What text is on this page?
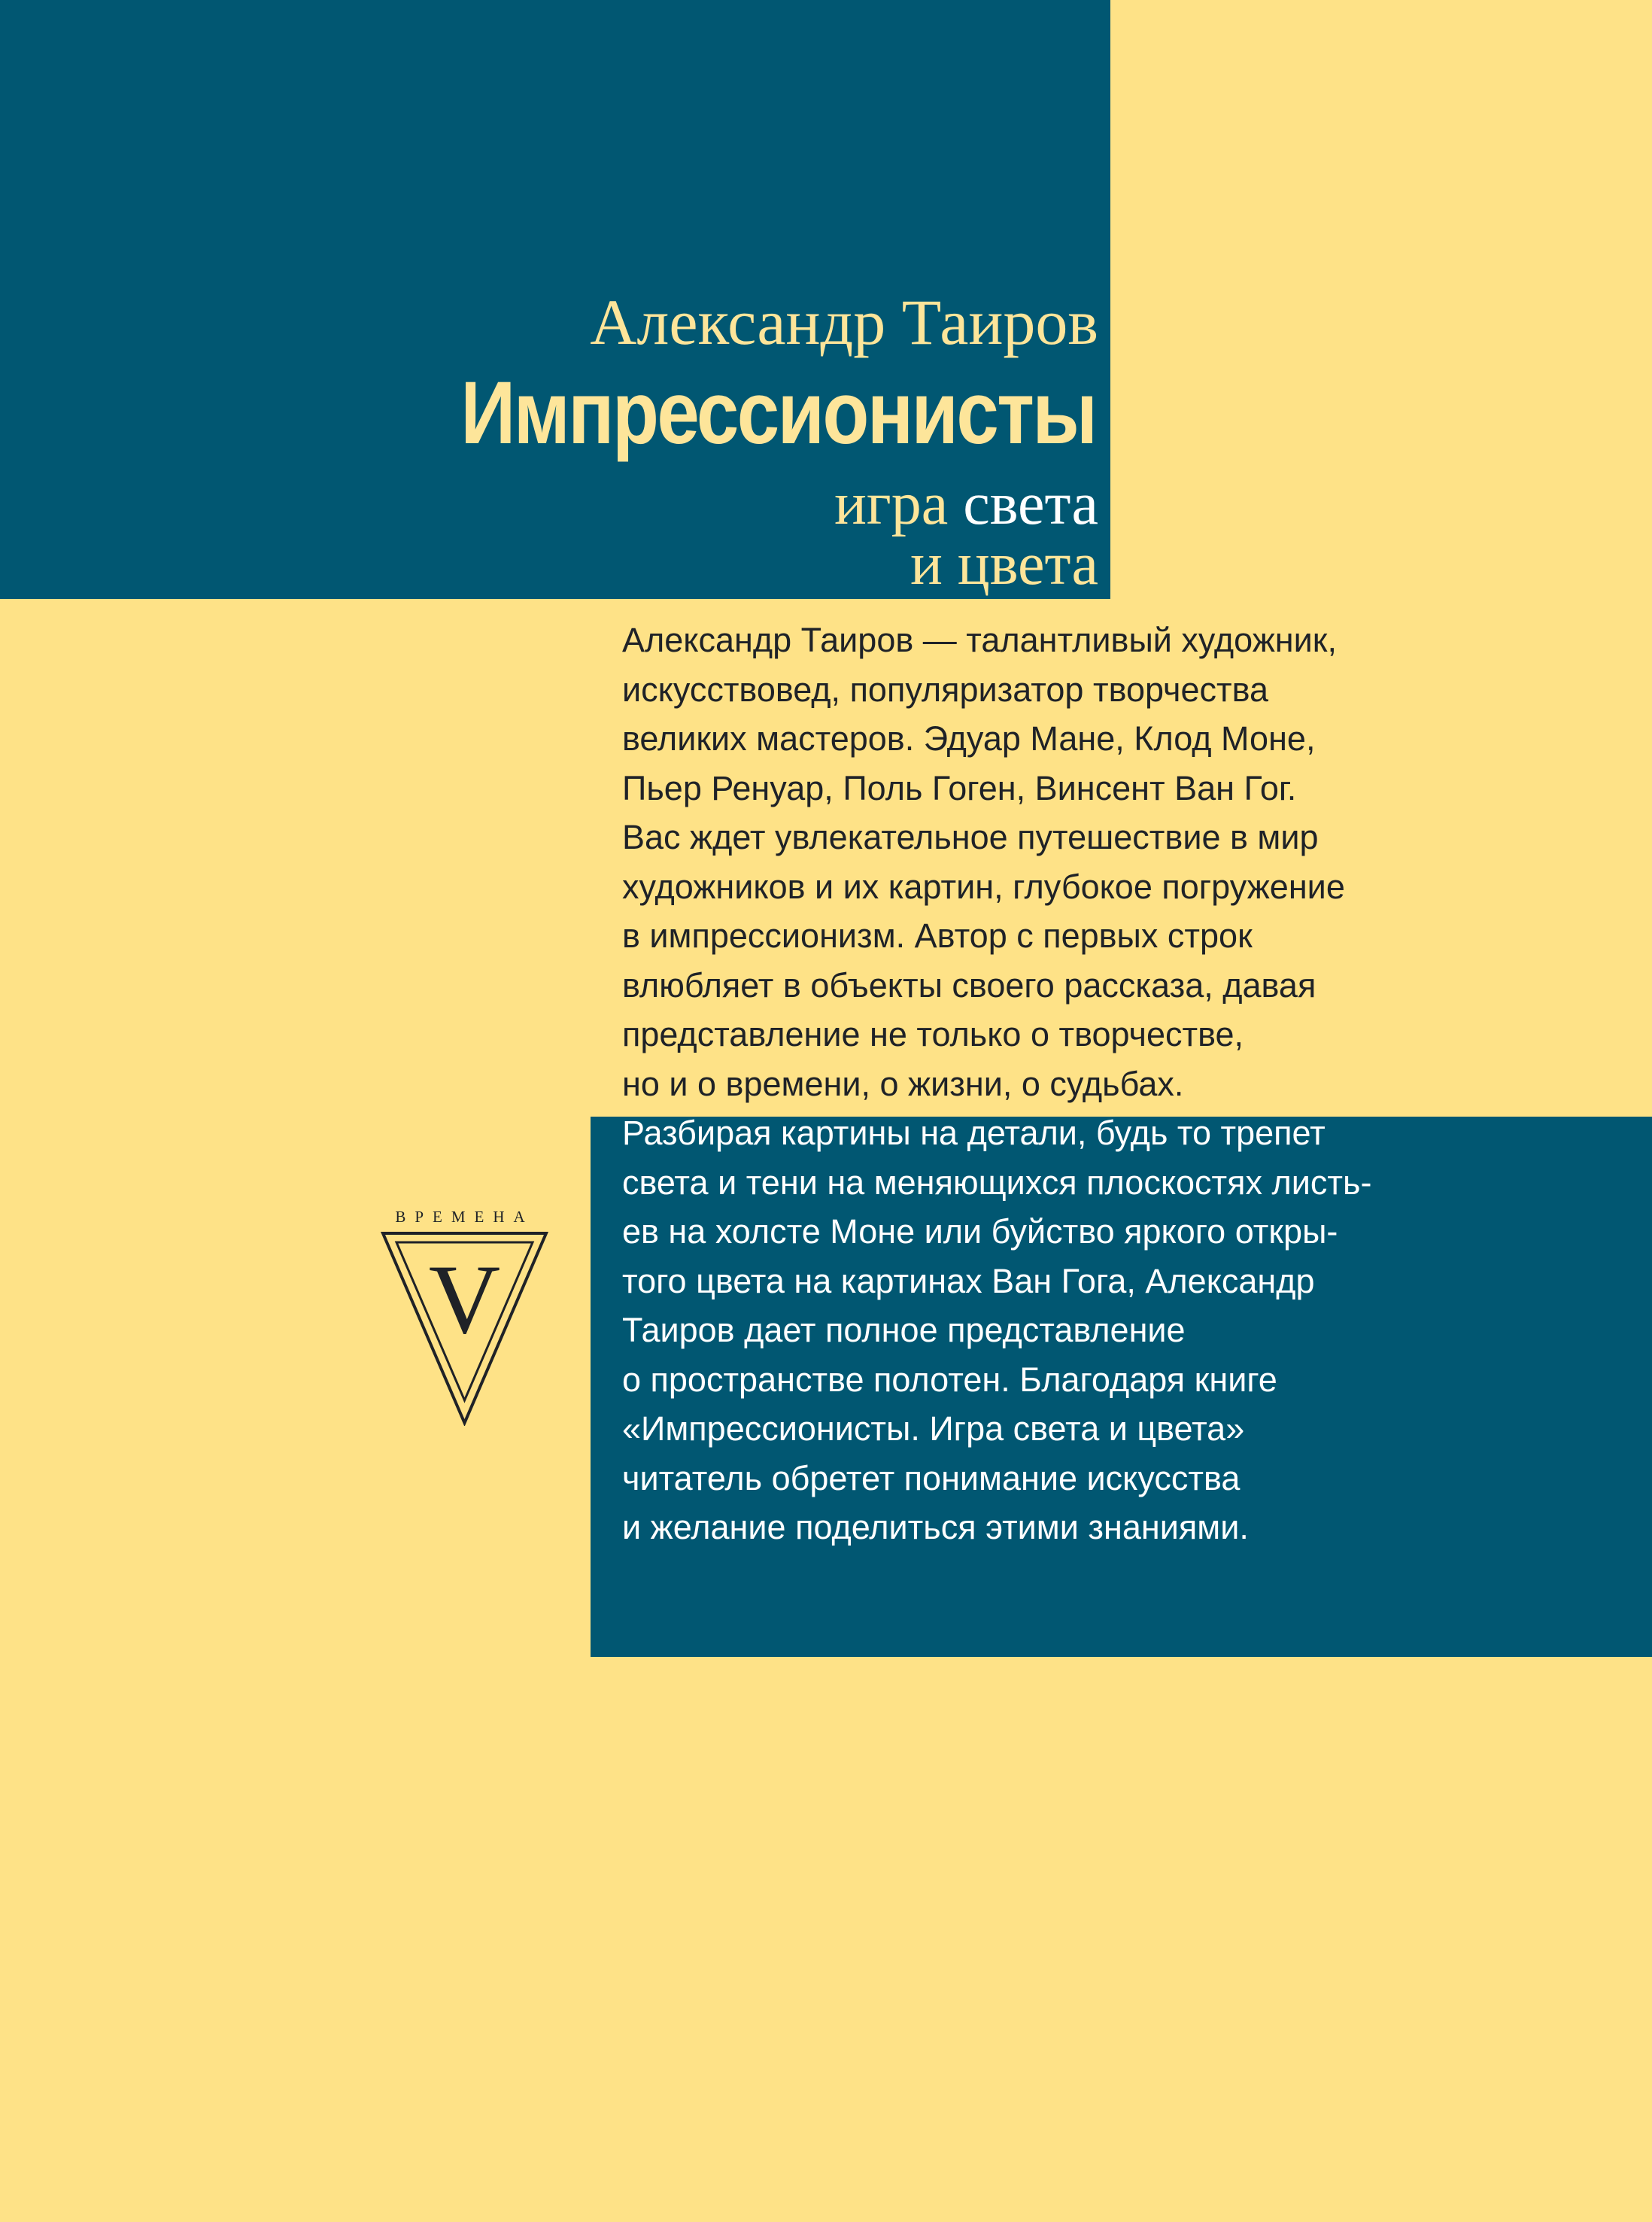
Александр Таиров
Импрессионисты
игра света
и цвета
Александр Таиров — талантливый художник,
искусствовед, популяризатор творчества
великих мастеров. Эдуар Мане, Клод Моне,
Пьер Ренуар, Поль Гоген, Винсент Ван Гог.
Вас ждет увлекательное путешествие в мир
художников и их картин, глубокое погружение
в импрессионизм. Автор с первых строк
влюбляет в объекты своего рассказа, давая
представление не только о творчестве,
но и о времени, о жизни, о судьбах.
Разбирая картины на детали, будь то трепет
света и тени на меняющихся плоскостях листь-
ев на холсте Моне или буйство яркого откры-
того цвета на картинах Ван Гога, Александр
Таиров дает полное представление
о пространстве полотен. Благодаря книге
«Импрессионисты. Игра света и цвета»
читатель обретет понимание искусства
и желание поделиться этими знаниями.
ВРЕМЕНА
V
